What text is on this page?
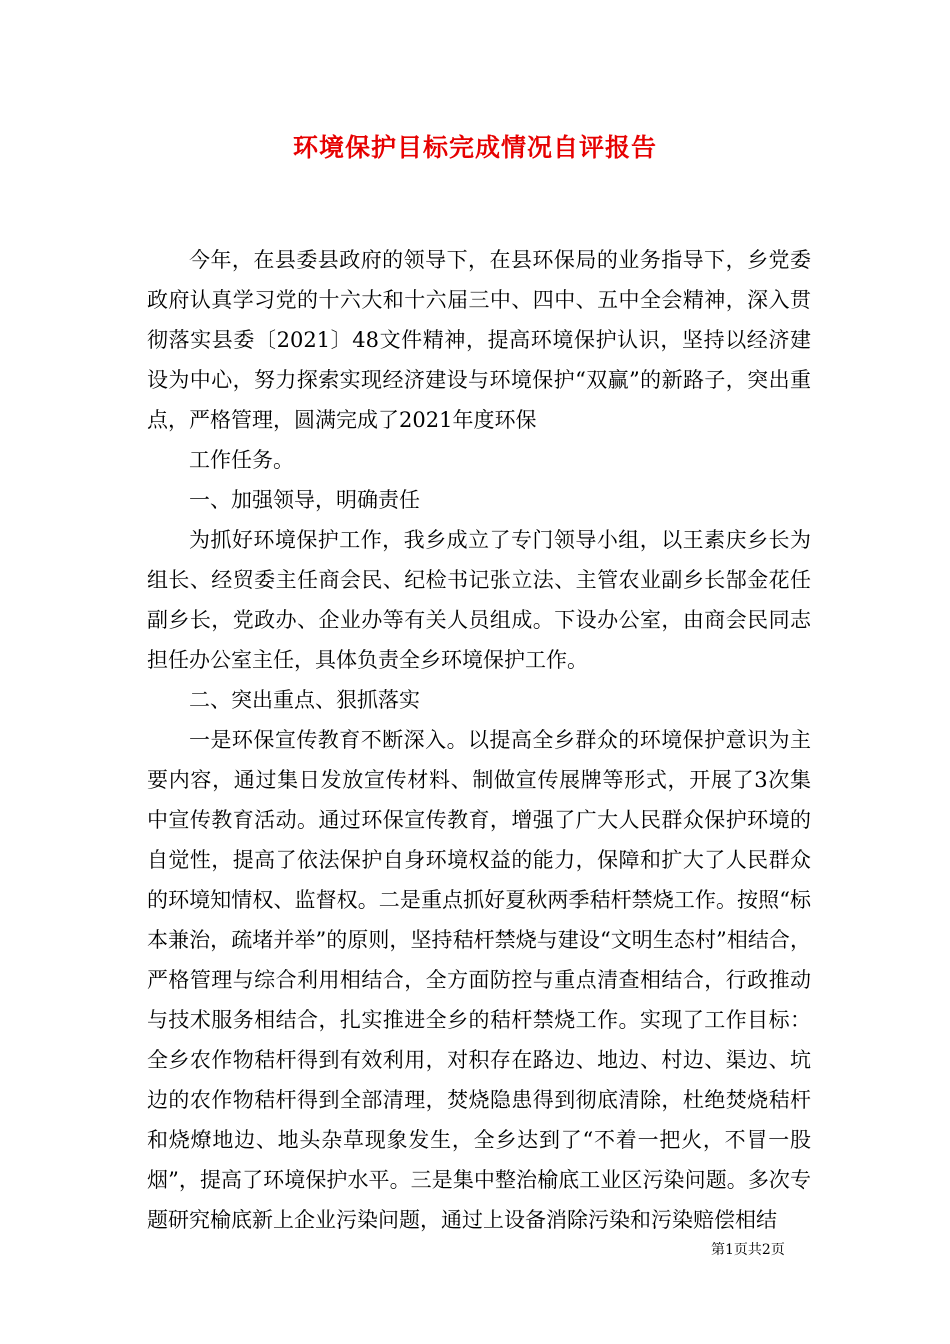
环境保护目标完成情况自评报告

今年，在县委县政府的领导下，在县环保局的业务指导下，乡党委政府认真学习党的十六大和十六届三中、四中、五中全会精神，深入贯彻落实县委〔2021〕48文件精神，提高环境保护认识，坚持以经济建设为中心，努力探索实现经济建设与环境保护“双赢”的新路子，突出重点，严格管理，圆满完成了2021年度环保

工作任务。

一、加强领导，明确责任

为抓好环境保护工作，我乡成立了专门领导小组，以王素庆乡长为组长、经贸委主任商会民、纪检书记张立法、主管农业副乡长郜金花任副乡长，党政办、企业办等有关人员组成。下设办公室，由商会民同志担任办公室主任，具体负责全乡环境保护工作。

二、突出重点、狠抓落实

一是环保宣传教育不断深入。以提高全乡群众的环境保护意识为主要内容，通过集日发放宣传材料、制做宣传展牌等形式，开展了3次集中宣传教育活动。通过环保宣传教育，增强了广大人民群众保护环境的自觉性，提高了依法保护自身环境权益的能力，保障和扩大了人民群众的环境知情权、监督权。二是重点抓好夏秋两季秸杆禁烧工作。按照“标本兼治，疏堵并举”的原则，坚持秸杆禁烧与建设“文明生态村”相结合，严格管理与综合利用相结合，全方面防控与重点清查相结合，行政推动与技术服务相结合，扎实推进全乡的秸杆禁烧工作。实现了工作目标：全乡农作物秸杆得到有效利用，对积存在路边、地边、村边、渠边、坑边的农作物秸杆得到全部清理，焚烧隐患得到彻底清除，杜绝焚烧秸杆和烧燎地边、地头杂草现象发生，全乡达到了“不着一把火，不冒一股烟”，提高了环境保护水平。三是集中整治榆底工业区污染问题。多次专题研究榆底新上企业污染问题，通过上设备消除污染和污染赔偿相结

第1页共2页
